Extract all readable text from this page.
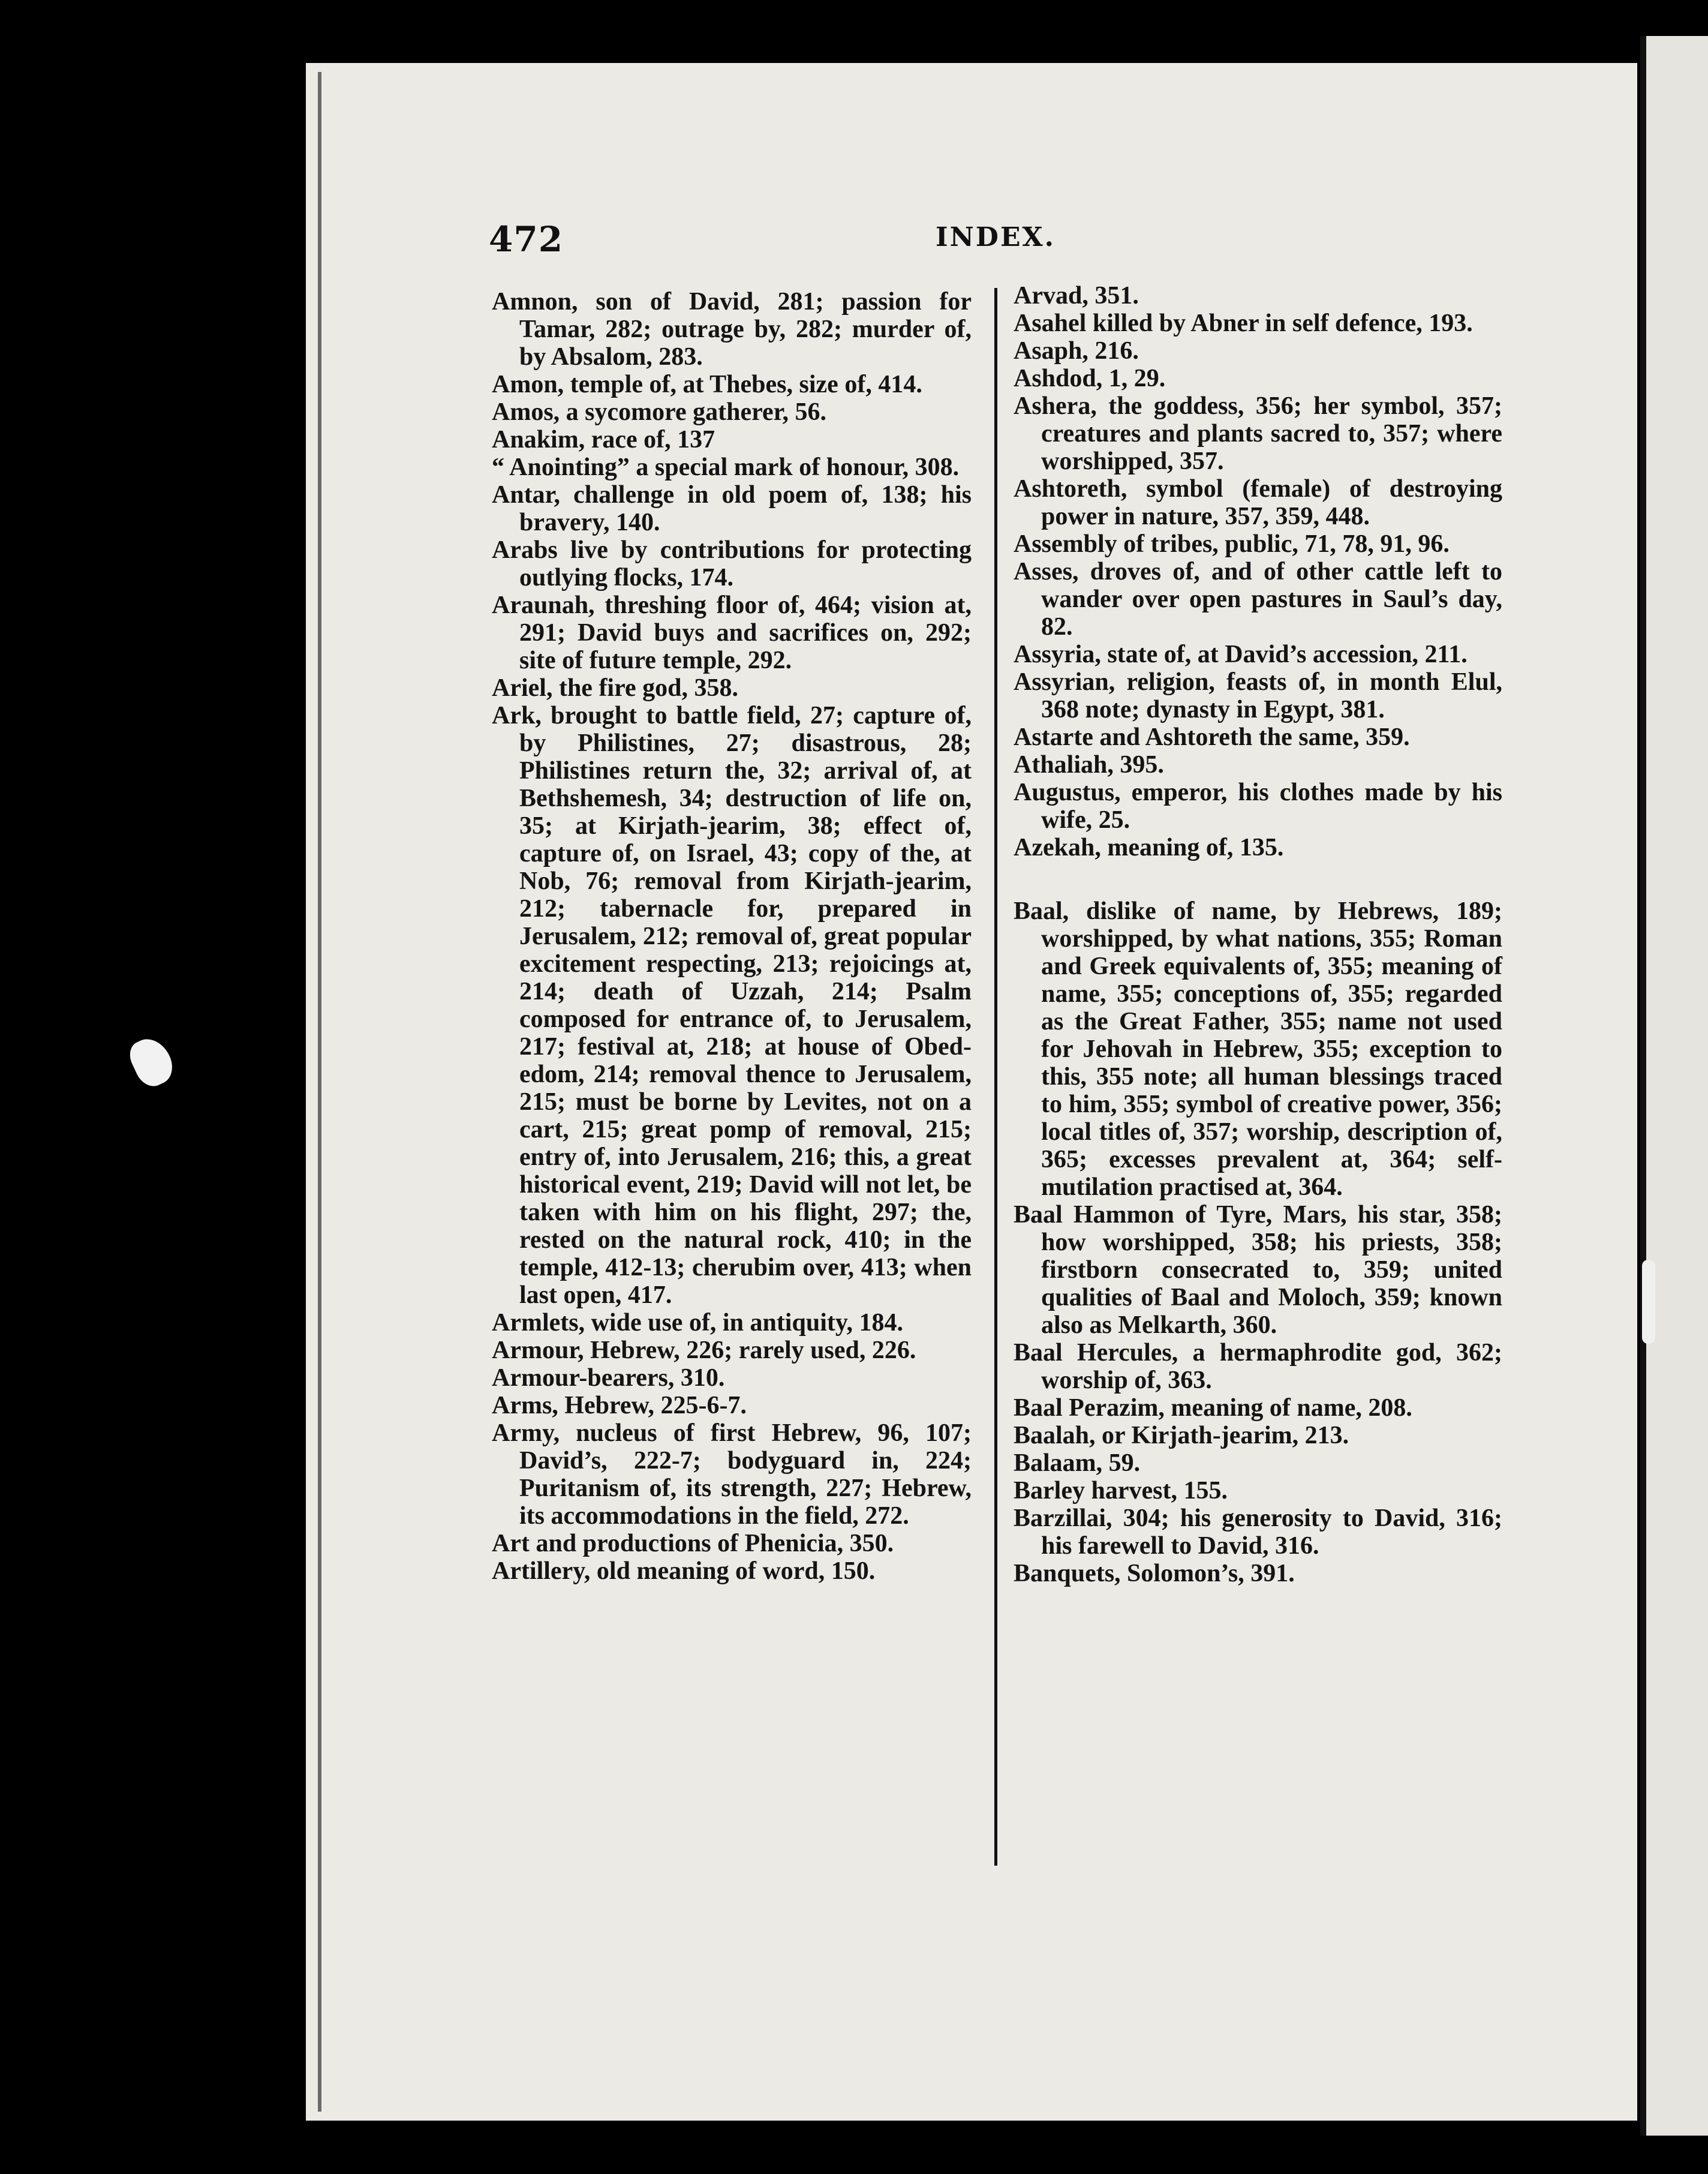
472	INDEX.
Amnon, son of David, 281; passion for Tamar, 282; outrage by, 282; murder of, by Absalom, 283.
Amon, temple of, at Thebes, size of, 414.
Amos, a sycomore gatherer, 56.
Anakim, race of, 137
“ Anointing” a special mark of honour, 308.
Antar, challenge in old poem of, 138; his bravery, 140.
Arabs live by contributions for protecting outlying flocks, 174.
Araunah, threshing floor of, 464; vision at, 291; David buys and sacrifices on, 292; site of future temple, 292.
Ariel, the fire god, 358.
Ark, brought to battle field, 27; capture of, by Philistines, 27; disastrous, 28; Philistines return the, 32; arrival of, at Bethshemesh, 34; destruction of life on, 35; at Kirjath-jearim, 38; effect of, capture of, on Israel, 43; copy of the, at Nob, 76; removal from Kirjath-jearim, 212; tabernacle for, prepared in Jerusalem, 212; removal of, great popular excitement respecting, 213; rejoicings at, 214; death of Uzzah, 214; Psalm composed for entrance of, to Jerusalem, 217; festival at, 218; at house of Obed-edom, 214; removal thence to Jerusalem, 215; must be borne by Levites, not on a cart, 215; great pomp of removal, 215; entry of, into Jerusalem, 216; this, a great historical event, 219; David will not let, be taken with him on his flight, 297; the, rested on the natural rock, 410; in the temple, 412-13; cherubim over, 413; when last open, 417.
Armlets, wide use of, in antiquity, 184.
Armour, Hebrew, 226; rarely used, 226.
Armour-bearers, 310.
Arms, Hebrew, 225-6-7.
Army, nucleus of first Hebrew, 96, 107; David’s, 222-7; bodyguard in, 224; Puritanism of, its strength, 227; Hebrew, its accommodations in the field, 272.
Art and productions of Phenicia, 350.
Artillery, old meaning of word, 150.
Arvad, 351.
Asahel killed by Abner in self defence, 193.
Asaph, 216.
Ashdod, 1, 29.
Ashera, the goddess, 356; her symbol, 357; creatures and plants sacred to, 357; where worshipped, 357.
Ashtoreth, symbol (female) of destroying power in nature, 357, 359, 448.
Assembly of tribes, public, 71, 78, 91, 96.
Asses, droves of, and of other cattle left to wander over open pastures in Saul’s day, 82.
Assyria, state of, at David’s accession, 211.
Assyrian, religion, feasts of, in month Elul, 368 note; dynasty in Egypt, 381.
Astarte and Ashtoreth the same, 359.
Athaliah, 395.
Augustus, emperor, his clothes made by his wife, 25.
Azekah, meaning of, 135.
Baal, dislike of name, by Hebrews, 189; worshipped, by what nations, 355; Roman and Greek equivalents of, 355; meaning of name, 355; conceptions of, 355; regarded as the Great Father, 355; name not used for Jehovah in Hebrew, 355; exception to this, 355 note; all human blessings traced to him, 355; symbol of creative power, 356; local titles of, 357; worship, description of, 365; excesses prevalent at, 364; self-mutilation practised at, 364.
Baal Hammon of Tyre, Mars, his star, 358; how worshipped, 358; his priests, 358; firstborn consecrated to, 359; united qualities of Baal and Moloch, 359; known also as Melkarth, 360.
Baal Hercules, a hermaphrodite god, 362; worship of, 363.
Baal Perazim, meaning of name, 208.
Baalah, or Kirjath-jearim, 213.
Balaam, 59.
Barley harvest, 155.
Barzillai, 304; his generosity to David, 316; his farewell to David, 316.
Banquets, Solomon’s, 391.
